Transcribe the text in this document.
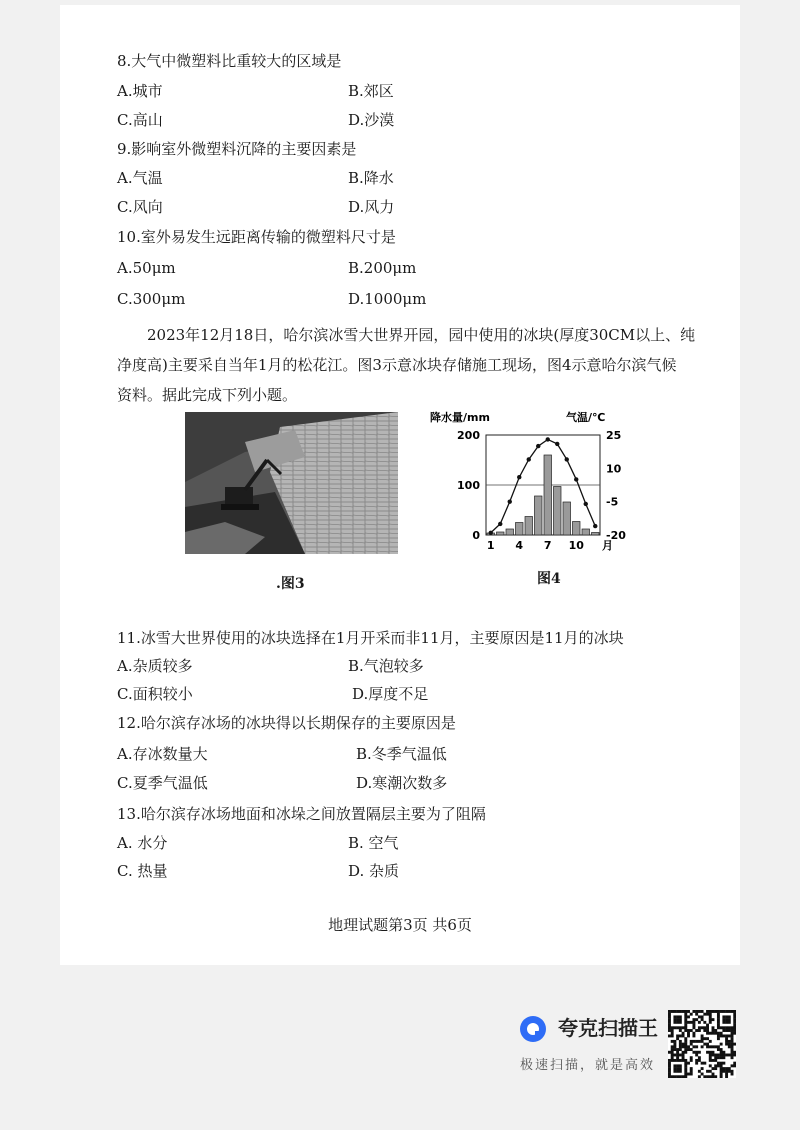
8.大气中微塑料比重较大的区域是
A.城市	B.郊区
C.高山	D.沙漠
9.影响室外微塑料沉降的主要因素是
A.气温	B.降水
C.风向	D.风力
10.室外易发生远距离传输的微塑料尺寸是
A.50μm	B.200μm
C.300μm	D.1000μm
2023年12月18日，哈尔滨冰雪大世界开园，园中使用的冰块(厚度30CM以上、纯
净度高)主要采自当年1月的松花江。图3示意冰块存储施工现场，图4示意哈尔滨气候
资料。据此完成下列小题。
.图3
降水量/mm	气温/℃
200
100
0
25
10
-5
-20
1 4 7 10 月
图4
11.冰雪大世界使用的冰块选择在1月开采而非11月，主要原因是11月的冰块
A.杂质较多	B.气泡较多
C.面积较小	D.厚度不足
12.哈尔滨存冰场的冰块得以长期保存的主要原因是
A.存冰数量大	B.冬季气温低
C.夏季气温低	D.寒潮次数多
13.哈尔滨存冰场地面和冰垛之间放置隔层主要为了阻隔
A. 水分	B. 空气
C. 热量	D. 杂质
地理试题第3页 共6页
夸克扫描王
极速扫描，就是高效
